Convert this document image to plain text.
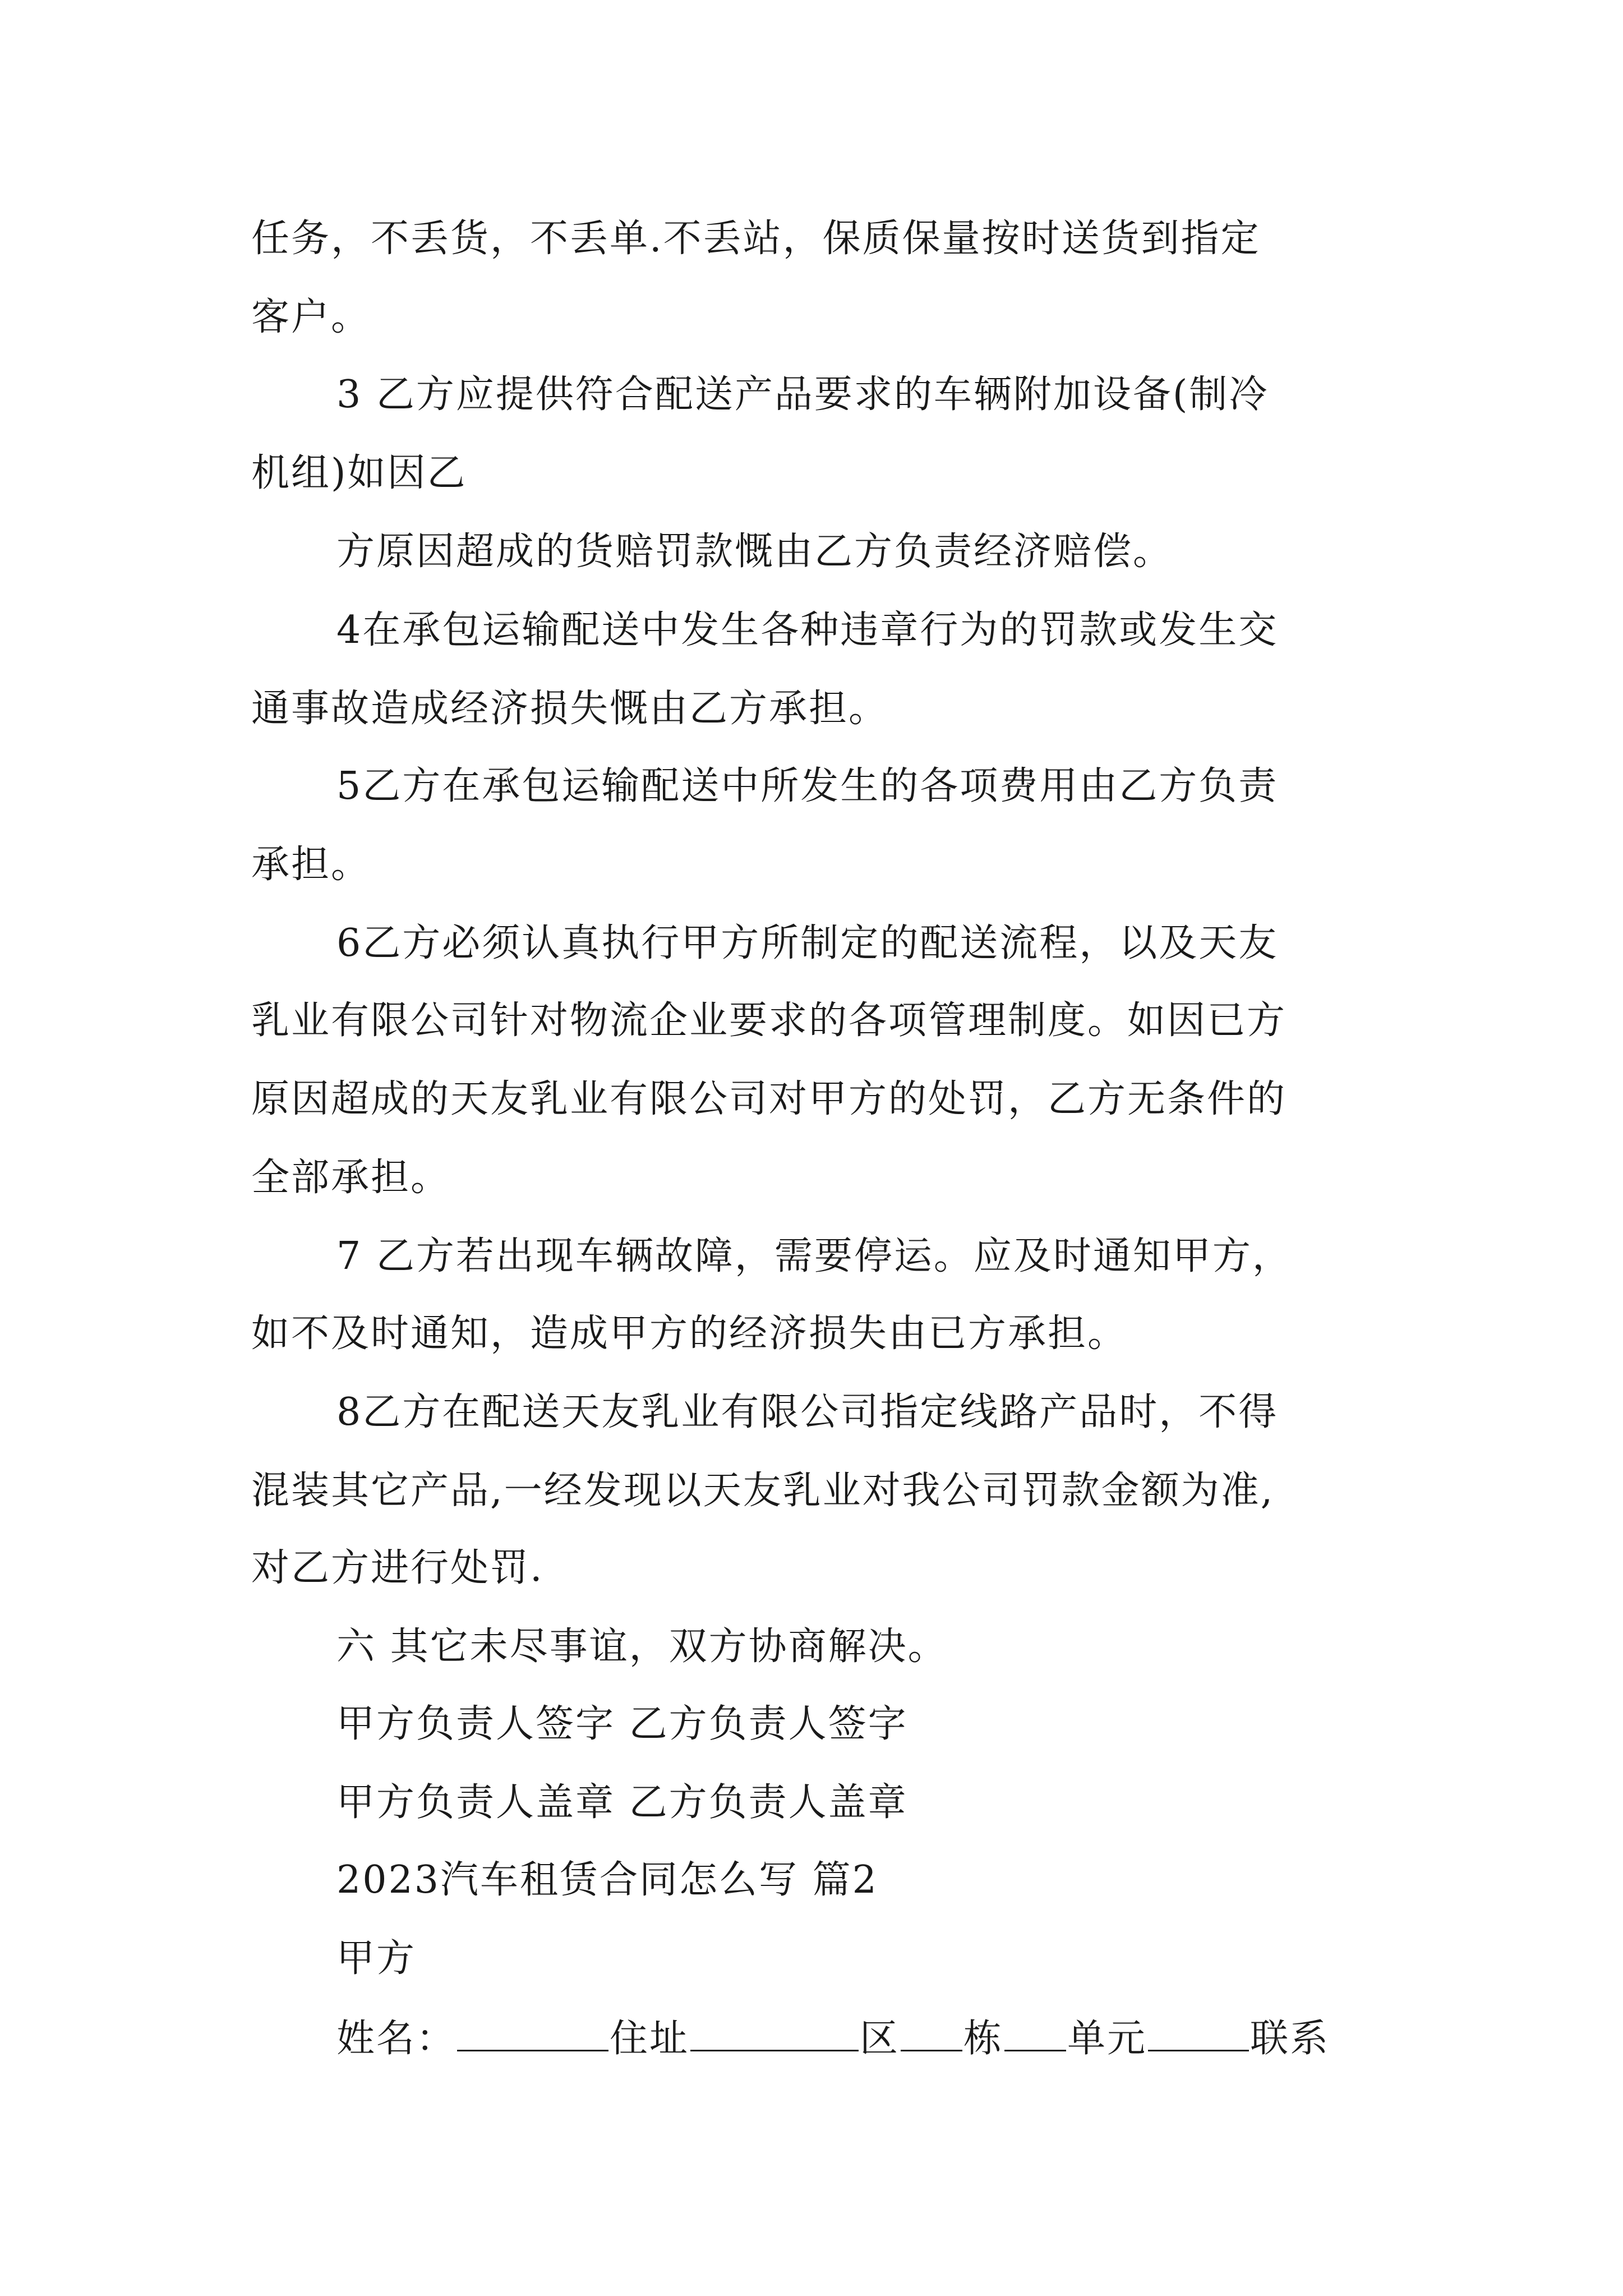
任务，不丢货，不丢单.不丢站，保质保量按时送货到指定
客户。
3 乙方应提供符合配送产品要求的车辆附加设备(制冷
机组)如因乙
方原因超成的货赔罚款慨由乙方负责经济赔偿。
4在承包运输配送中发生各种违章行为的罚款或发生交
通事故造成经济损失慨由乙方承担。
5乙方在承包运输配送中所发生的各项费用由乙方负责
承担。
6乙方必须认真执行甲方所制定的配送流程，以及天友
乳业有限公司针对物流企业要求的各项管理制度。如因已方
原因超成的天友乳业有限公司对甲方的处罚，乙方无条件的
全部承担。
7 乙方若出现车辆故障，需要停运。应及时通知甲方，
如不及时通知，造成甲方的经济损失由已方承担。
8乙方在配送天友乳业有限公司指定线路产品时，不得
混装其它产品,一经发现以天友乳业对我公司罚款金额为准,
对乙方进行处罚.
六 其它未尽事谊，双方协商解决。
甲方负责人签字 乙方负责人签字
甲方负责人盖章 乙方负责人盖章
2023汽车租赁合同怎么写 篇2
甲方
姓名：	住址	区 栋 单元	联系
